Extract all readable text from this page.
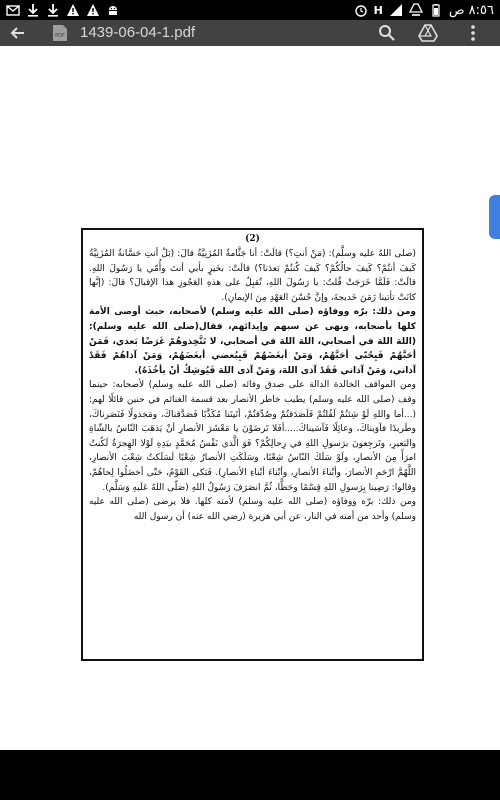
H	٨:٥٦ ص
PDF 1439-06-04-1.pdf
(2)

(صلى اللهُ عليه وسلَّم): (مَنْ أنتِ؟) قالَتْ: أنا جَثَّامةُ المُزَنِيَّةُ قالَ: (بَلْ أنتِ حَسَّانةُ المُزَنِيَّةُ كَيفَ أنتُمْ؟ كَيفَ حالُكُمْ؟ كَيفَ كُنتُمْ بَعدَنا؟) قالَتْ: بخَيرٍ بأبي أنتَ وأُمّي يا رَسُولَ اللهِ. قالَتْ: فَلَمَّا خَرَجَتْ قُلتُ: يا رَسُولَ اللهِ، تُقبِلُ على هذهِ العَجُوزِ هذا الإقبالَ؟ قالَ: (إنَّها كانَتْ تأتينا زَمَنَ خَديجةَ، وإنَّ حُسْنَ العَهْدِ مِنَ الإيمانِ).

ومن ذلك: برّه ووفاؤه (صلى الله عليه وسلم) لأصحابه، حيث أوصى الأمة كلها بأصحابه، ونهى عن سبهم وإيذائهم، فقال(صلى الله عليه وسلم): (اللهَ اللهَ في أصحابي، اللهَ اللهَ في أصحابي، لا تَتَّخِذوهُمْ غَرَضًا بَعدي، فَمَنْ أحَبَّهُمْ فَبِحُبّي أحَبَّهُمْ، وَمَنْ أبغَضَهُمْ فَبِبُغضي أبغَضَهُمْ، وَمَنْ آذاهُمْ فَقَدْ آذاني، وَمَنْ آذاني فَقَدْ آذى اللهَ، وَمَنْ آذى اللهَ فَيُوشِكُ أنْ يأخُذَهُ).

ومن المواقف الخالدة الدالة على صدق وفائه (صلى الله عليه وسلم) لأصحابه: حينما وقف (صلى الله عليه وسلم) يطيب خاطر الأنصار بعد قسمة الغنائم في حنين قائلًا لهم: (...أما واللهِ لَوْ شِئتُمْ لَقُلتُمْ فَلَصَدَقتُمْ وصُدِّقتُمْ، أتَيتَنا مُكَذَّبًا فَصَدَّقناكَ، ومَخذولًا فَنَصَرناكَ، وطَريدًا فآوَيناكَ، وعائِلًا فَآسَيناكَ.....أفَلا تَرضَوْنَ يا مَعْشَرَ الأنصارِ أنْ يَذهَبَ النّاسُ بالشّاةِ والبَعيرِ، وتَرجِعونَ برَسولِ اللهِ في رِحالِكُمْ؟ فَوَ الَّذي نَفْسُ مُحَمَّدٍ بيَدِهِ لَوْلا الهِجرَةُ لَكُنتُ امرَأً مِنَ الأنصارِ، ولَوْ سَلَكَ النّاسُ شِعْبًا، وسَلَكَتِ الأنصارُ شِعْبًا لَسَلَكتُ شِعْبَ الأنصارِ، اللَّهُمَّ ارْحَمِ الأنصارَ، وأبْناءَ الأنصارِ، وأبْناءَ أبْناءِ الأنصارِ). فَبَكى القَوْمُ، حَتّى أخضَلُوا لِحاهُمْ، وقالوا: رَضِينا بِرَسولِ اللهِ قِسْمًا وحَظًّا، ثُمَّ انصَرَفَ رَسُولُ اللهِ (صَلّى اللهُ عَلَيهِ وَسَلَّم).

ومن ذلك: برّه ووفاؤه (صلى الله عليه وسلم) لأمته كلها. فلا يرضى (صلى الله عليه وسلم) وأحد من أمته في النار، عن أبي هريرة (رضي الله عنه) أن رسول الله
